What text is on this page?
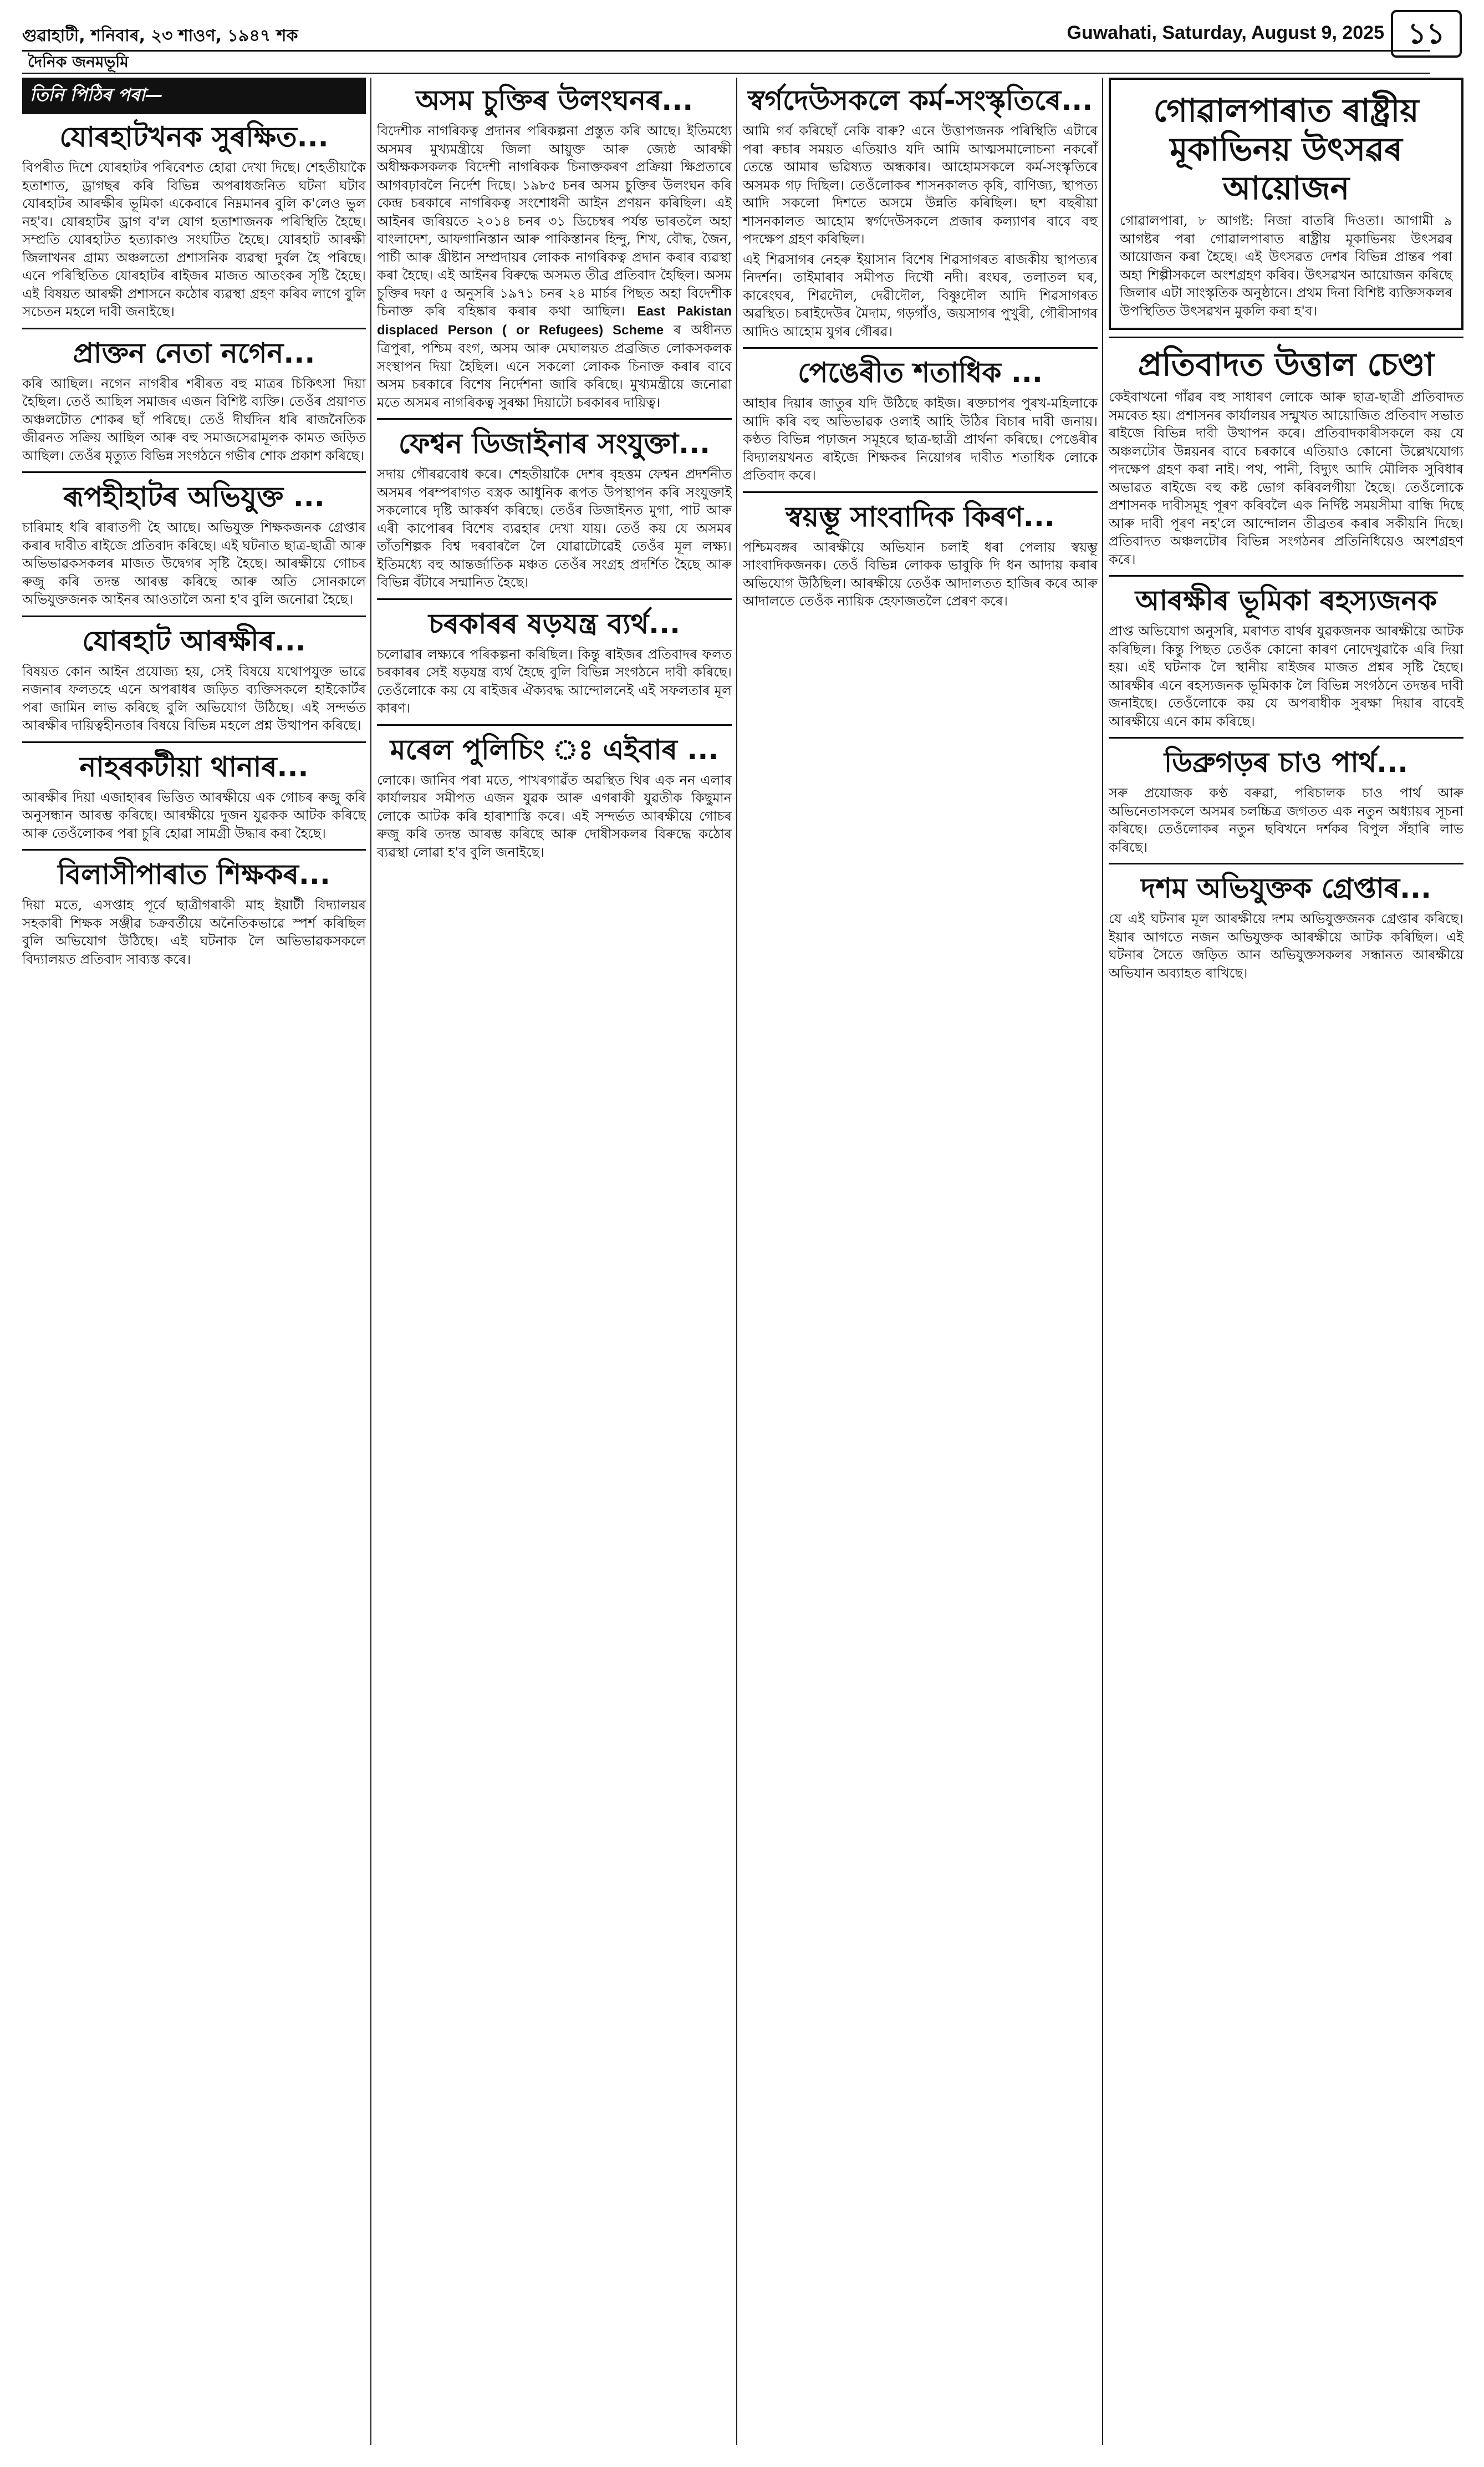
গুৱাহাটী, শনিবাৰ, ২৩ শাওণ, ১৯৪৭ শক	Guwahati, Saturday, August 9, 2025 ১১
দৈনিক জনমভূমি
তিনি পিঠিৰ পৰা—
যোৰহাটখনক সুৰক্ষিত...

বিপৰীত দিশে যোৰহাটৰ পৰিবেশত হোৱা দেখা দিছে। শেহতীয়াকৈ হতাশাত, ড্ৰাগছৰ কৰি বিভিন্ন অপৰাধজনিত ঘটনা ঘটাব যোৰহাটৰ আৰক্ষীৰ ভূমিকা একেবাৰে নিম্নমানৰ বুলি ক'লেও ভুল নহ'ব। যোৰহাটৰ ড্ৰাগ ব'ল যোগ হতাশাজনক পৰিস্থিতি হৈছে। সম্প্ৰতি যোৰহাটত হত্যাকাণ্ড সংঘটিত হৈছে। যোৰহাট আৰক্ষী জিলাখনৰ গ্ৰাম্য অঞ্চলতো প্ৰশাসনিক ব্যৱস্থা দুৰ্বল হৈ পৰিছে। এনে পৰিস্থিতিত যোৰহাটৰ ৰাইজৰ মাজত আতংকৰ সৃষ্টি হৈছে। এই বিষয়ত আৰক্ষী প্ৰশাসনে কঠোৰ ব্যৱস্থা গ্ৰহণ কৰিব লাগে বুলি সচেতন মহলে দাবী জনাইছে।

প্ৰাক্তন নেতা নগেন...

কৰি আছিল। নগেন নাগৰীৰ শৰীৰত বহু মাত্ৰৰ চিকিৎসা দিয়া হৈছিল। তেওঁ আছিল সমাজৰ এজন বিশিষ্ট ব্যক্তি। তেওঁৰ প্ৰয়াণত অঞ্চলটোত শোকৰ ছাঁ পৰিছে। তেওঁ দীৰ্ঘদিন ধৰি ৰাজনৈতিক জীৱনত সক্ৰিয় আছিল আৰু বহু সমাজসেৱামূলক কামত জড়িত আছিল। তেওঁৰ মৃত্যুত বিভিন্ন সংগঠনে গভীৰ শোক প্ৰকাশ কৰিছে।

ৰূপহীহাটৰ অভিযুক্ত ...

চাৰিমাহ ধৰি ৰাৰাতপী হৈ আছে। অভিযুক্ত শিক্ষকজনক গ্ৰেপ্তাৰ কৰাৰ দাবীত ৰাইজে প্ৰতিবাদ কৰিছে। এই ঘটনাত ছাত্ৰ-ছাত্ৰী আৰু অভিভাৱকসকলৰ মাজত উদ্বেগৰ সৃষ্টি হৈছে। আৰক্ষীয়ে গোচৰ ৰুজু কৰি তদন্ত আৰম্ভ কৰিছে আৰু অতি সোনকালে অভিযুক্তজনক আইনৰ আওতালৈ অনা হ'ব বুলি জনোৱা হৈছে।

যোৰহাট আৰক্ষীৰ...

বিষয়ত কোন আইন প্ৰযোজ্য হয়, সেই বিষয়ে যথোপযুক্ত ভাৱে নজনাৰ ফলতহে এনে অপৰাধৰ জড়িত ব্যক্তিসকলে হাইকোৰ্টৰ পৰা জামিন লাভ কৰিছে বুলি অভিযোগ উঠিছে। এই সন্দৰ্ভত আৰক্ষীৰ দায়িত্বহীনতাৰ বিষয়ে বিভিন্ন মহলে প্ৰশ্ন উত্থাপন কৰিছে।

নাহৰকটীয়া থানাৰ...

আৰক্ষীৰ দিয়া এজাহাৰৰ ভিত্তিত আৰক্ষীয়ে এক গোচৰ ৰুজু কৰি অনুসন্ধান আৰম্ভ কৰিছে। আৰক্ষীয়ে দুজন যুৱকক আটক কৰিছে আৰু তেওঁলোকৰ পৰা চুৰি হোৱা সামগ্ৰী উদ্ধাৰ কৰা হৈছে।

বিলাসীপাৰাত শিক্ষকৰ...

দিয়া মতে, এসপ্তাহ পূৰ্বে ছাত্ৰীগৰাকী মাহ ইয়াৰ্টী বিদ্যালয়ৰ সহকাৰী শিক্ষক সঞ্জীৱ চক্ৰবৰ্তীয়ে অনৈতিকভাৱে স্পৰ্শ কৰিছিল বুলি অভিযোগ উঠিছে। এই ঘটনাক লৈ অভিভাৱকসকলে বিদ্যালয়ত প্ৰতিবাদ সাব্যস্ত কৰে।

অসম চুক্তিৰ উলংঘনৰ...

বিদেশীক নাগৰিকত্ব প্ৰদানৰ পৰিকল্পনা প্ৰস্তুত কৰি আছে। ইতিমধ্যে অসমৰ মুখ্যমন্ত্ৰীয়ে জিলা আয়ুক্ত আৰু জ্যেষ্ঠ আৰক্ষী অধীক্ষকসকলক বিদেশী নাগৰিকক চিনাক্তকৰণ প্ৰক্ৰিয়া ক্ষিপ্ৰতাৰে আগবঢ়াবলৈ নিৰ্দেশ দিছে। ১৯৮৫ চনৰ অসম চুক্তিৰ উলংঘন কৰি কেন্দ্ৰ চৰকাৰে নাগৰিকত্ব সংশোধনী আইন প্ৰণয়ন কৰিছিল। এই আইনৰ জৰিয়তে ২০১৪ চনৰ ৩১ ডিচেম্বৰ পৰ্যন্ত ভাৰতলৈ অহা বাংলাদেশ, আফগানিস্তান আৰু পাকিস্তানৰ হিন্দু, শিখ, বৌদ্ধ, জৈন, পাৰ্চী আৰু খ্ৰীষ্টান সম্প্ৰদায়ৰ লোকক নাগৰিকত্ব প্ৰদান কৰাৰ ব্যৱস্থা কৰা হৈছে। এই আইনৰ বিৰুদ্ধে অসমত তীব্ৰ প্ৰতিবাদ হৈছিল। অসম চুক্তিৰ দফা ৫ অনুসৰি ১৯৭১ চনৰ ২৪ মাৰ্চৰ পিছত অহা বিদেশীক চিনাক্ত কৰি বহিষ্কাৰ কৰাৰ কথা আছিল। East Pakistan displaced Person ( or Refugees) Scheme ৰ অধীনত ত্ৰিপুৰা, পশ্চিম বংগ, অসম আৰু মেঘালয়ত প্ৰব্ৰজিত লোকসকলক সংস্থাপন দিয়া হৈছিল। এনে সকলো লোকক চিনাক্ত কৰাৰ বাবে অসম চৰকাৰে বিশেষ নিৰ্দেশনা জাৰি কৰিছে। মুখ্যমন্ত্ৰীয়ে জনোৱা মতে অসমৰ নাগৰিকত্ব সুৰক্ষা দিয়াটো চৰকাৰৰ দায়িত্ব।

ফেশ্বন ডিজাইনাৰ সংযুক্তা...

সদায় গৌৰৱবোধ কৰে। শেহতীয়াকৈ দেশৰ বৃহত্তম ফেশ্বন প্ৰদৰ্শনীত অসমৰ পৰম্পৰাগত বস্ত্ৰক আধুনিক ৰূপত উপস্থাপন কৰি সংযুক্তাই সকলোৰে দৃষ্টি আকৰ্ষণ কৰিছে। তেওঁৰ ডিজাইনত মুগা, পাট আৰু এৰী কাপোৰৰ বিশেষ ব্যৱহাৰ দেখা যায়। তেওঁ কয় যে অসমৰ তাঁতশিল্পক বিশ্ব দৰবাৰলৈ লৈ যোৱাটোৱেই তেওঁৰ মূল লক্ষ্য। ইতিমধ্যে বহু আন্তৰ্জাতিক মঞ্চত তেওঁৰ সংগ্ৰহ প্ৰদৰ্শিত হৈছে আৰু বিভিন্ন বঁটাৰে সন্মানিত হৈছে।

চৰকাৰৰ ষড়যন্ত্ৰ ব্যৰ্থ...

চলোৱাৰ লক্ষ্যৰে পৰিকল্পনা কৰিছিল। কিন্তু ৰাইজৰ প্ৰতিবাদৰ ফলত চৰকাৰৰ সেই ষড়যন্ত্ৰ ব্যৰ্থ হৈছে বুলি বিভিন্ন সংগঠনে দাবী কৰিছে। তেওঁলোকে কয় যে ৰাইজৰ ঐক্যবদ্ধ আন্দোলনেই এই সফলতাৰ মূল কাৰণ।

মৰেল পুলিচিং ঃ এইবাৰ ...

লোকে। জানিব পৰা মতে, পাখৰগাৱঁত অৱস্থিত থিৰ এক নন এলাৰ কাৰ্যালয়ৰ সমীপত এজন যুৱক আৰু এগৰাকী যুৱতীক কিছুমান লোকে আটক কৰি হাৰাশাস্তি কৰে। এই সন্দৰ্ভত আৰক্ষীয়ে গোচৰ ৰুজু কৰি তদন্ত আৰম্ভ কৰিছে আৰু দোষীসকলৰ বিৰুদ্ধে কঠোৰ ব্যৱস্থা লোৱা হ'ব বুলি জনাইছে।

স্বৰ্গদেউসকলে কৰ্ম-সংস্কৃতিৰে...

আমি গৰ্ব কৰিছোঁ নেকি বাৰু? এনে উত্তাপজনক পৰিস্থিতি এটাৰে পৰা ৰুচাৰ সময়ত এতিয়াও যদি আমি আত্মসমালোচনা নকৰোঁ তেন্তে আমাৰ ভৱিষ্যত অন্ধকাৰ। আহোমসকলে কৰ্ম-সংস্কৃতিৰে অসমক গঢ় দিছিল। তেওঁলোকৰ শাসনকালত কৃষি, বাণিজ্য, স্থাপত্য আদি সকলো দিশতে অসমে উন্নতি কৰিছিল। ছশ বছৰীয়া শাসনকালত আহোম স্বৰ্গদেউসকলে প্ৰজাৰ কল্যাণৰ বাবে বহু পদক্ষেপ গ্ৰহণ কৰিছিল।

এই শিৱসাগৰ নেহৰু ইয়াসান বিশেষ শিৱসাগৰত ৰাজকীয় স্থাপত্যৰ নিদৰ্শন। তাইমাৰাব সমীপত দিখৌ নদী। ৰংঘৰ, তলাতল ঘৰ, কাৰেংঘৰ, শিৱদৌল, দেৱীদৌল, বিষ্ণুদৌল আদি শিৱসাগৰত অৱস্থিত। চৰাইদেউৰ মৈদাম, গড়গাঁও, জয়সাগৰ পুখুৰী, গৌৰীসাগৰ আদিও আহোম যুগৰ গৌৰৱ।

পেঙেৰীত শতাধিক ...

আহাৰ দিয়াৰ জাতুৰ যদি উঠিছে কাইজ। ৰক্তচাপৰ পুৰখ-মহিলাকে আদি কৰি বহু অভিভাৱক ওলাই আহি উঠিৰ বিচাৰ দাবী জনায়। কণ্ঠত বিভিন্ন পঢ়াজন সমূহৰে ছাত্ৰ-ছাত্ৰী প্ৰাৰ্থনা কৰিছে। পেঙেৰীৰ বিদ্যালয়খনত ৰাইজে শিক্ষকৰ নিয়োগৰ দাবীত শতাধিক লোকে প্ৰতিবাদ কৰে।

স্বয়ম্ভূ সাংবাদিক কিৰণ...

পশ্চিমবঙ্গৰ আৰক্ষীয়ে অভিযান চলাই ধৰা পেলায় স্বয়ম্ভূ সাংবাদিকজনক। তেওঁ বিভিন্ন লোকক ভাবুকি দি ধন আদায় কৰাৰ অভিযোগ উঠিছিল। আৰক্ষীয়ে তেওঁক আদালতত হাজিৰ কৰে আৰু আদালতে তেওঁক ন্যায়িক হেফাজতলৈ প্ৰেৰণ কৰে।

গোৱালপাৰাত ৰাষ্ট্ৰীয় মূকাভিনয় উৎসৱৰ আয়োজন

গোৱালপাৰা, ৮ আগষ্ট: নিজা বাতৰি দিওতা। আগামী ৯ আগষ্টৰ পৰা গোৱালপাৰাত ৰাষ্ট্ৰীয় মূকাভিনয় উৎসৱৰ আয়োজন কৰা হৈছে। এই উৎসৱত দেশৰ বিভিন্ন প্ৰান্তৰ পৰা অহা শিল্পীসকলে অংশগ্ৰহণ কৰিব। উৎসৱখন আয়োজন কৰিছে জিলাৰ এটা সাংস্কৃতিক অনুষ্ঠানে। প্ৰথম দিনা বিশিষ্ট ব্যক্তিসকলৰ উপস্থিতিত উৎসৱখন মুকলি কৰা হ'ব।

প্ৰতিবাদত উত্তাল চেণ্ডা

কেইবাখনো গাঁৱৰ বহু সাধাৰণ লোকে আৰু ছাত্ৰ-ছাত্ৰী প্ৰতিবাদত সমবেত হয়। প্ৰশাসনৰ কাৰ্যালয়ৰ সন্মুখত আয়োজিত প্ৰতিবাদ সভাত ৰাইজে বিভিন্ন দাবী উত্থাপন কৰে। প্ৰতিবাদকাৰীসকলে কয় যে অঞ্চলটোৰ উন্নয়নৰ বাবে চৰকাৰে এতিয়াও কোনো উল্লেখযোগ্য পদক্ষেপ গ্ৰহণ কৰা নাই। পথ, পানী, বিদ্যুৎ আদি মৌলিক সুবিধাৰ অভাৱত ৰাইজে বহু কষ্ট ভোগ কৰিবলগীয়া হৈছে। তেওঁলোকে প্ৰশাসনক দাবীসমূহ পূৰণ কৰিবলৈ এক নিৰ্দিষ্ট সময়সীমা বান্ধি দিছে আৰু দাবী পূৰণ নহ'লে আন্দোলন তীব্ৰতৰ কৰাৰ সকীয়নি দিছে। প্ৰতিবাদত অঞ্চলটোৰ বিভিন্ন সংগঠনৰ প্ৰতিনিধিয়েও অংশগ্ৰহণ কৰে।

আৰক্ষীৰ ভূমিকা ৰহস্যজনক

প্ৰাপ্ত অভিযোগ অনুসৰি, মৰাণত বাৰ্থৰ যুৱকজনক আৰক্ষীয়ে আটক কৰিছিল। কিন্তু পিছত তেওঁক কোনো কাৰণ নোদেখুৱাকৈ এৰি দিয়া হয়। এই ঘটনাক লৈ স্থানীয় ৰাইজৰ মাজত প্ৰশ্নৰ সৃষ্টি হৈছে। আৰক্ষীৰ এনে ৰহস্যজনক ভূমিকাক লৈ বিভিন্ন সংগঠনে তদন্তৰ দাবী জনাইছে। তেওঁলোকে কয় যে অপৰাধীক সুৰক্ষা দিয়াৰ বাবেই আৰক্ষীয়ে এনে কাম কৰিছে।

ডিব্ৰুগড়ৰ চাও পাৰ্থ...

সৰু প্ৰযোজক কণ্ঠ বৰুৱা, পৰিচালক চাও পাৰ্থ আৰু অভিনেতাসকলে অসমৰ চলচ্চিত্ৰ জগতত এক নতুন অধ্যায়ৰ সূচনা কৰিছে। তেওঁলোকৰ নতুন ছবিখনে দৰ্শকৰ বিপুল সঁহাৰি লাভ কৰিছে।

দশম অভিযুক্তক গ্ৰেপ্তাৰ...

যে এই ঘটনাৰ মূল আৰক্ষীয়ে দশম অভিযুক্তজনক গ্ৰেপ্তাৰ কৰিছে। ইয়াৰ আগতে নজন অভিযুক্তক আৰক্ষীয়ে আটক কৰিছিল। এই ঘটনাৰ সৈতে জড়িত আন অভিযুক্তসকলৰ সন্ধানত আৰক্ষীয়ে অভিযান অব্যাহত ৰাখিছে।
